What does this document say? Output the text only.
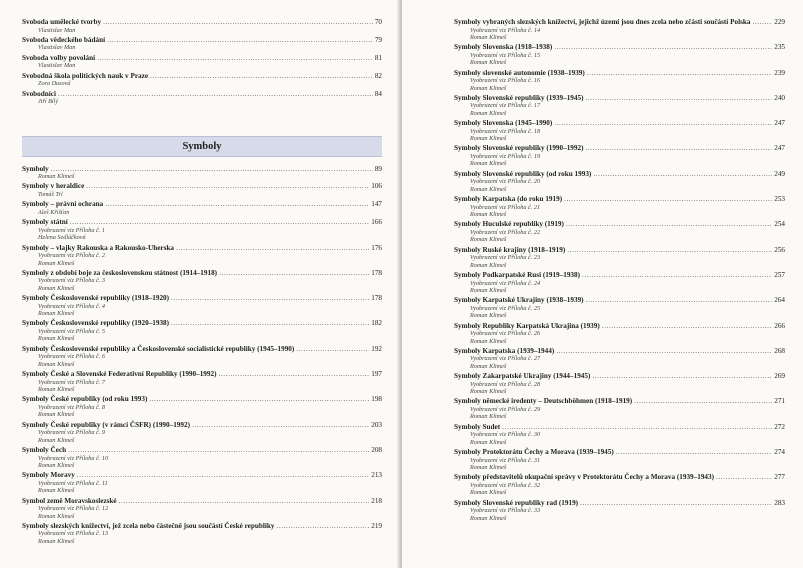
Svoboda umělecké tvorby .....	70
Vlastislav Man
Svoboda vědeckého bádání .....	79
Vlastislav Man
Svoboda volby povolání .....	81
Vlastislav Man
Svobodná škola politických nauk v Praze .....	82
Zora Dusová
Svobodníci .....	84
Jiří Bílý
Symboly
Symboly .....	89
Roman Klimeš
Symboly v heraldice .....	106
Tomáš Trl
Symboly – právní ochrana .....	147
Aleš Křišťan
Symboly státní .....	166
Vyobrazení viz Příloha č. 1
Helena Sedláčková
Symboly – vlajky Rakouska a Rakousko-Uherska .....	176
Vyobrazení viz Příloha č. 2
Roman Klimeš
Symboly z období boje za československou státnost (1914–1918) .....	178
Vyobrazení viz Příloha č. 3
Roman Klimeš
Symboly Československé republiky (1918–1920) .....	178
Vyobrazení viz Příloha č. 4
Roman Klimeš
Symboly Československé republiky (1920–1938) .....	182
Vyobrazení viz Příloha č. 5
Roman Klimeš
Symboly Československé republiky a Československé socialistické republiky (1945–1990) .....	192
Vyobrazení viz Příloha č. 6
Roman Klimeš
Symboly České a Slovenské Federativní Republiky (1990–1992) .....	197
Vyobrazení viz Příloha č. 7
Roman Klimeš
Symboly České republiky (od roku 1993) .....	198
Vyobrazení viz Příloha č. 8
Roman Klimeš
Symboly České republiky (v rámci ČSFR) (1990–1992) .....	203
Vyobrazení viz Příloha č. 9
Roman Klimeš
Symboly Čech .....	208
Vyobrazení viz Příloha č. 10
Roman Klimeš
Symboly Moravy .....	213
Vyobrazení viz Příloha č. 11
Roman Klimeš
Symbol země Moravskoslezské .....	218
Vyobrazení viz Příloha č. 12
Roman Klimeš
Symboly slezských knížectví, jež zcela nebo částečně jsou součástí České republiky .....	219
Vyobrazení viz Příloha č. 13
Roman Klimeš
Symboly vybraných slezských knížectví, jejichž území jsou dnes zcela nebo zčásti součástí Polska .....	229
Vyobrazení viz Příloha č. 14
Roman Klimeš
Symboly Slovenska (1918–1938) .....	235
Vyobrazení viz Příloha č. 15
Roman Klimeš
Symboly slovenské autonomie (1938–1939) .....	239
Vyobrazení viz Příloha č. 16
Roman Klimeš
Symboly Slovenské republiky (1939–1945) .....	240
Vyobrazení viz Příloha č. 17
Roman Klimeš
Symboly Slovenska (1945–1990) .....	247
Vyobrazení viz Příloha č. 18
Roman Klimeš
Symboly Slovenské republiky (1990–1992) .....	247
Vyobrazení viz Příloha č. 19
Roman Klimeš
Symboly Slovenské republiky (od roku 1993) .....	249
Vyobrazení viz Příloha č. 20
Roman Klimeš
Symboly Karpatska (do roku 1919) .....	253
Vyobrazení viz Příloha č. 21
Roman Klimeš
Symboly Huculské republiky (1919) .....	254
Vyobrazení viz Příloha č. 22
Roman Klimeš
Symboly Ruské krajiny (1918–1919) .....	256
Vyobrazení viz Příloha č. 23
Roman Klimeš
Symboly Podkarpatské Rusi (1919–1938) .....	257
Vyobrazení viz Příloha č. 24
Roman Klimeš
Symboly Karpatské Ukrajiny (1938–1939) .....	264
Vyobrazení viz Příloha č. 25
Roman Klimeš
Symboly Republiky Karpatská Ukrajina (1939) .....	266
Vyobrazení viz Příloha č. 26
Roman Klimeš
Symboly Karpatska (1939–1944) .....	268
Vyobrazení viz Příloha č. 27
Roman Klimeš
Symboly Zakarpatské Ukrajiny (1944–1945) .....	269
Vyobrazení viz Příloha č. 28
Roman Klimeš
Symboly německé iredenty – Deutschböhmen (1918–1919) .....	271
Vyobrazení viz Příloha č. 29
Roman Klimeš
Symboly Sudet .....	272
Vyobrazení viz Příloha č. 30
Roman Klimeš
Symboly Protektorátu Čechy a Morava (1939–1945) .....	274
Vyobrazení viz Příloha č. 31
Roman Klimeš
Symboly představitelů okupační správy v Protektorátu Čechy a Morava (1939–1943) .....	277
Vyobrazení viz Příloha č. 32
Roman Klimeš
Symboly Slovenské republiky rad (1919) .....	283
Vyobrazení viz Příloha č. 33
Roman Klimeš
